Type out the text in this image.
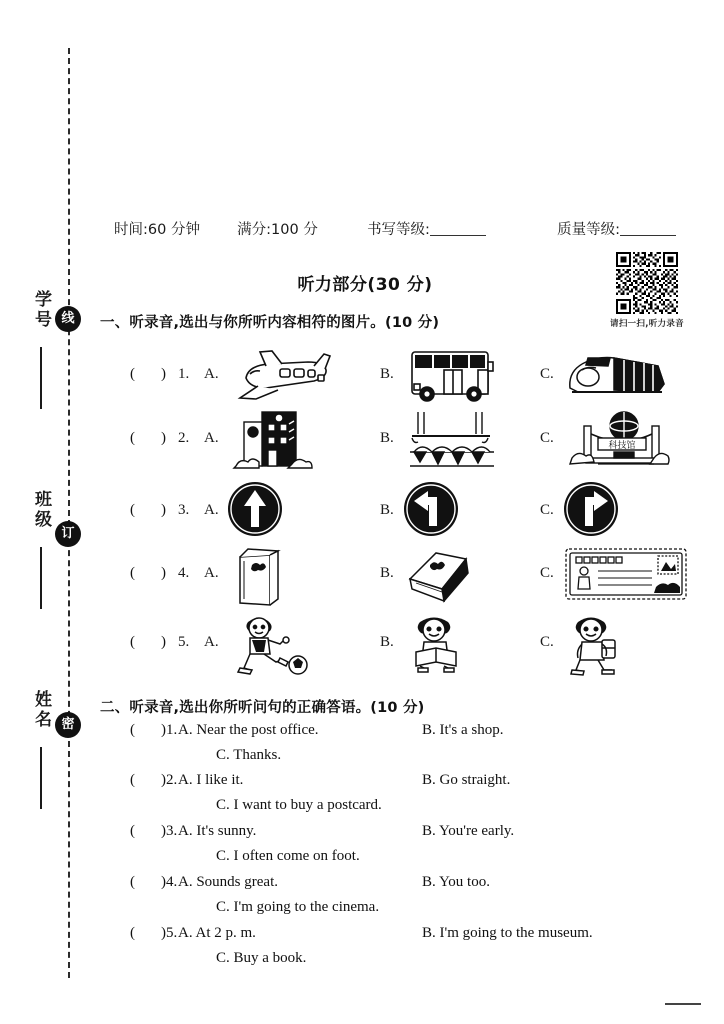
线
订
密
学号
班级
姓名
时间:60 分钟	满分:100 分	书写等级:	质量等级:
请扫一扫,听力录音
听力部分(30 分)
一、听录音,选出与你所听内容相符的图片。(10 分)
( ) 1. A.	B.	C.
( ) 2. A.	B.	C.	科技馆
( ) 3. A.	B.	C.
( ) 4. A.	B.	C.
( ) 5. A.	B.	C.
二、听录音,选出你所听问句的正确答语。(10 分)
( )1. A. Near the post office.	B. It's a shop.
C. Thanks.
( )2. A. I like it.	B. Go straight.
C. I want to buy a postcard.
( )3. A. It's sunny.	B. You're early.
C. I often come on foot.
( )4. A. Sounds great.	B. You too.
C. I'm going to the cinema.
( )5. A. At 2 p. m.	B. I'm going to the museum.
C. Buy a book.
